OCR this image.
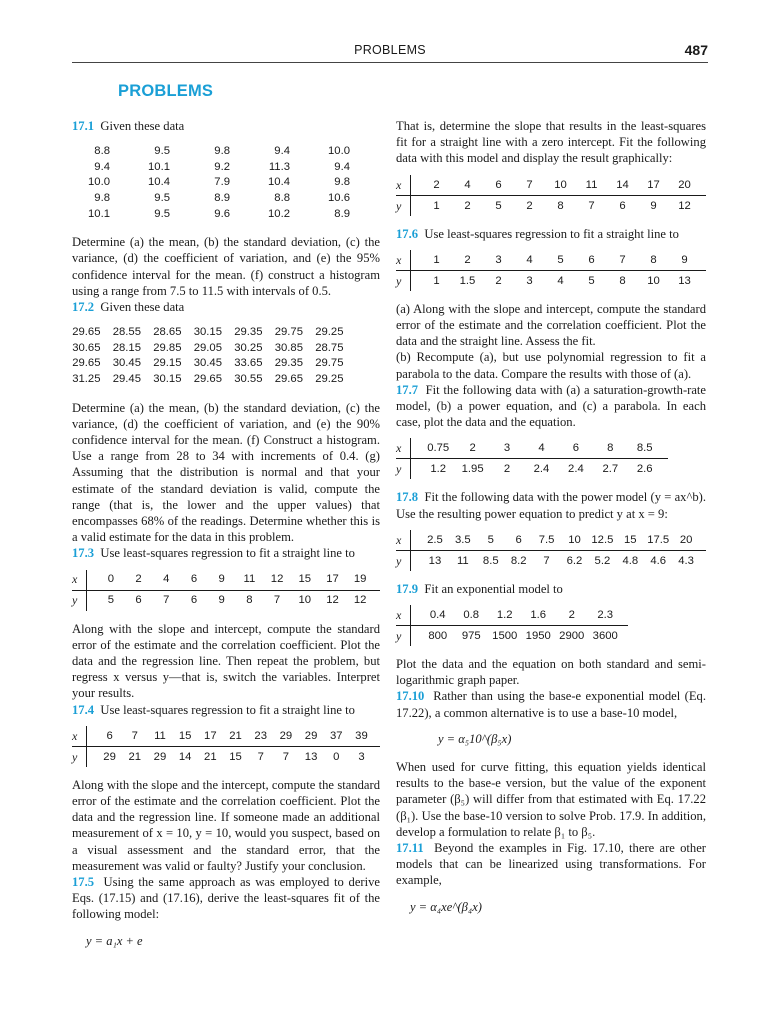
PROBLEMS	487
PROBLEMS

17.1 Given these data

8.8	9.5	9.8	9.4	10.0
9.4	10.1	9.2	11.3	9.4
10.0	10.4	7.9	10.4	9.8
9.8	9.5	8.9	8.8	10.6
10.1	9.5	9.6	10.2	8.9

Determine (a) the mean, (b) the standard deviation, (c) the variance, (d) the coefficient of variation, and (e) the 95% confidence interval for the mean. (f) construct a histogram using a range from 7.5 to 11.5 with intervals of 0.5.

17.2 Given these data

29.65	28.55	28.65	30.15	29.35	29.75	29.25
30.65	28.15	29.85	29.05	30.25	30.85	28.75
29.65	30.45	29.15	30.45	33.65	29.35	29.75
31.25	29.45	30.15	29.65	30.55	29.65	29.25

Determine (a) the mean, (b) the standard deviation, (c) the variance, (d) the coefficient of variation, and (e) the 90% confidence interval for the mean. (f) Construct a histogram. Use a range from 28 to 34 with increments of 0.4. (g) Assuming that the distribution is normal and that your estimate of the standard deviation is valid, compute the range (that is, the lower and the upper values) that encompasses 68% of the readings. Determine whether this is a valid estimate for the data in this problem.

17.3 Use least-squares regression to fit a straight line to

x	0	2	4	6	9	11	12	15	17	19
y	5	6	7	6	9	8	7	10	12	12

Along with the slope and intercept, compute the standard error of the estimate and the correlation coefficient. Plot the data and the regression line. Then repeat the problem, but regress x versus y—that is, switch the variables. Interpret your results.

17.4 Use least-squares regression to fit a straight line to

x	6	7	11	15	17	21	23	29	29	37	39
y	29	21	29	14	21	15	7	7	13	0	3

Along with the slope and the intercept, compute the standard error of the estimate and the correlation coefficient. Plot the data and the regression line. If someone made an additional measurement of x = 10, y = 10, would you suspect, based on a visual assessment and the standard error, that the measurement was valid or faulty? Justify your conclusion.

17.5 Using the same approach as was employed to derive Eqs. (17.15) and (17.16), derive the least-squares fit of the following model:

y = a₁x + e

That is, determine the slope that results in the least-squares fit for a straight line with a zero intercept. Fit the following data with this model and display the result graphically:

x	2	4	6	7	10	11	14	17	20
y	1	2	5	2	8	7	6	9	12

17.6 Use least-squares regression to fit a straight line to

x	1	2	3	4	5	6	7	8	9
y	1	1.5	2	3	4	5	8	10	13

(a) Along with the slope and intercept, compute the standard error of the estimate and the correlation coefficient. Plot the data and the straight line. Assess the fit.

(b) Recompute (a), but use polynomial regression to fit a parabola to the data. Compare the results with those of (a).

17.7 Fit the following data with (a) a saturation-growth-rate model, (b) a power equation, and (c) a parabola. In each case, plot the data and the equation.

x	0.75	2	3	4	6	8	8.5
y	1.2	1.95	2	2.4	2.4	2.7	2.6

17.8 Fit the following data with the power model (y = ax^b). Use the resulting power equation to predict y at x = 9:

x	2.5	3.5	5	6	7.5	10 12.5 15 17.5 20
y	13	11	8.5	8.2	7	6.2	5.2	4.8	4.6	4.3

17.9 Fit an exponential model to

x	0.4	0.8	1.2	1.6	2	2.3
y	800	975	1500 1950 2900 3600

Plot the data and the equation on both standard and semi-logarithmic graph paper.

17.10 Rather than using the base-e exponential model (Eq. 17.22), a common alternative is to use a base-10 model,

y = α₅10^(β₅x)

When used for curve fitting, this equation yields identical results to the base-e version, but the value of the exponent parameter (β₅) will differ from that estimated with Eq. 17.22 (β₁). Use the base-10 version to solve Prob. 17.9. In addition, develop a formulation to relate β₁ to β₅.

17.11 Beyond the examples in Fig. 17.10, there are other models that can be linearized using transformations. For example,

y = α₄xe^(β₄x)
